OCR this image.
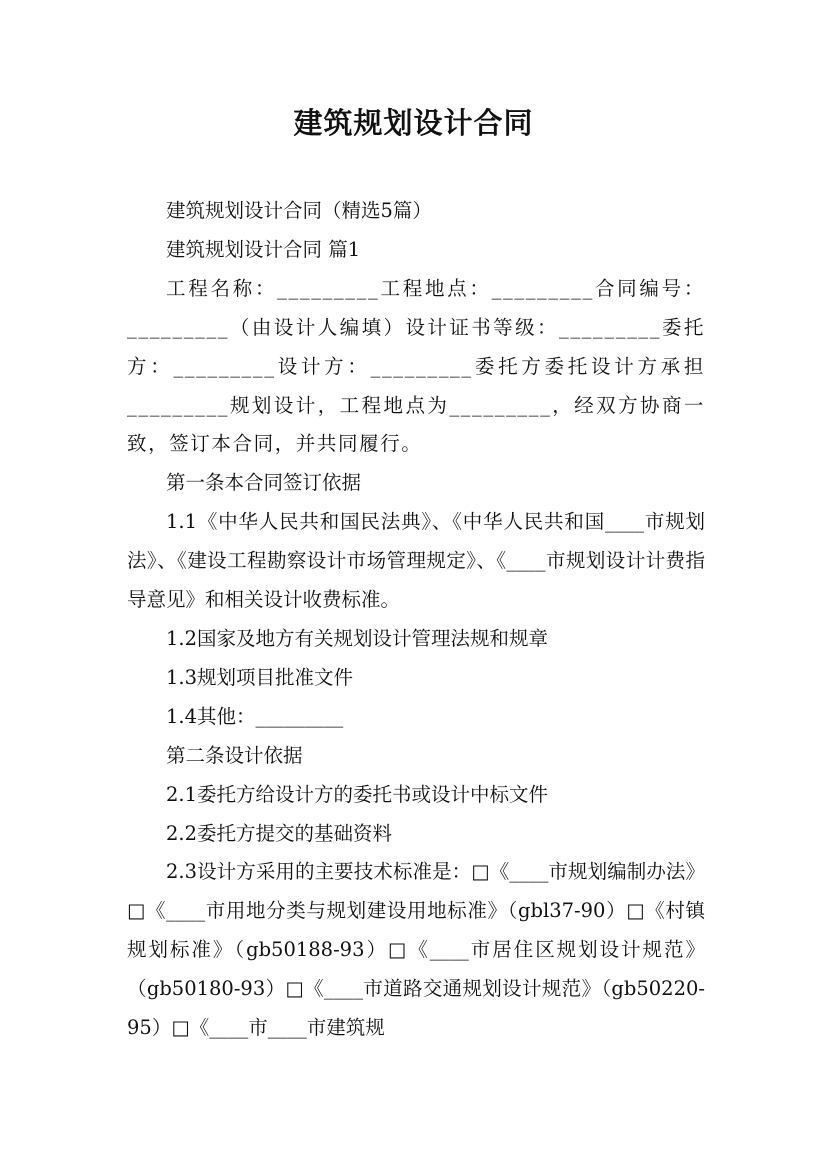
建筑规划设计合同

建筑规划设计合同（精选5篇）

建筑规划设计合同 篇1

工程名称：_________工程地点：_________合同编号：_________（由设计人编填）设计证书等级：_________委托方：_________设计方：_________委托方委托设计方承担_________规划设计，工程地点为_________，经双方协商一致，签订本合同，并共同履行。

第一条本合同签订依据

1.1《中华人民共和国民法典》、《中华人民共和国____市规划法》、《建设工程勘察设计市场管理规定》、《____市规划设计计费指导意见》和相关设计收费标准。

1.2国家及地方有关规划设计管理法规和规章

1.3规划项目批准文件

1.4其他：_________

第二条设计依据

2.1委托方给设计方的委托书或设计中标文件

2.2委托方提交的基础资料

2.3设计方采用的主要技术标准是：□《____市规划编制办法》□《____市用地分类与规划建设用地标准》（gbl37-90）□《村镇规划标准》（gb50188-93）□《____市居住区规划设计规范》（gb50180-93）□《____市道路交通规划设计规范》（gb50220-95）□《____市____市建筑规
